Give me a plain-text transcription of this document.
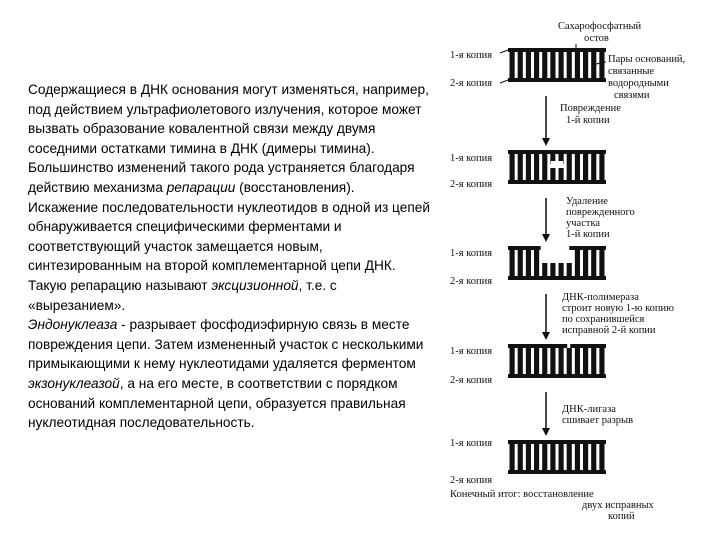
Содержащиеся в ДНК основания могут изменяться, например, под действием ультрафиолетового излучения, которое может вызвать образование ковалентной связи между двумя соседними остатками тимина в ДНК (димеры тимина). Большинство изменений такого рода устраняется благодаря действию механизма репарации (восстановления).

Искажение последовательности нуклеотидов в одной из цепей обнаруживается специфическими ферментами и соответствующий участок замещается новым, синтезированным на второй комплементарной цепи ДНК. Такую репарацию называют эксцизионной, т.е. с «вырезанием».

Эндонуклеаза - разрывает фосфодиэфирную связь в месте повреждения цепи. Затем измененный участок с несколькими примыкающими к нему нуклеотидами удаляется ферментом экзонуклеазой, а на его месте, в соответствии с порядком оснований комплементарной цепи, образуется правильная нуклеотидная последовательность.

Сахарофосфатный
остов
Пары оснований,
связанные
водородными
связями
1-я копия
2-я копия
1-я копия
2-я копия
1-я копия
2-я копия
1-я копия
2-я копия
1-я копия
2-я копия
Повреждение
1-й копии
Удаление
поврежденного
участка
1-й копии
ДНК-полимераза
строит новую 1-ю копию
по сохранившейся
исправной 2-й копии
ДНК-лигаза
сшивает разрыв
Конечный итог: восстановление
двух исправных
копий
